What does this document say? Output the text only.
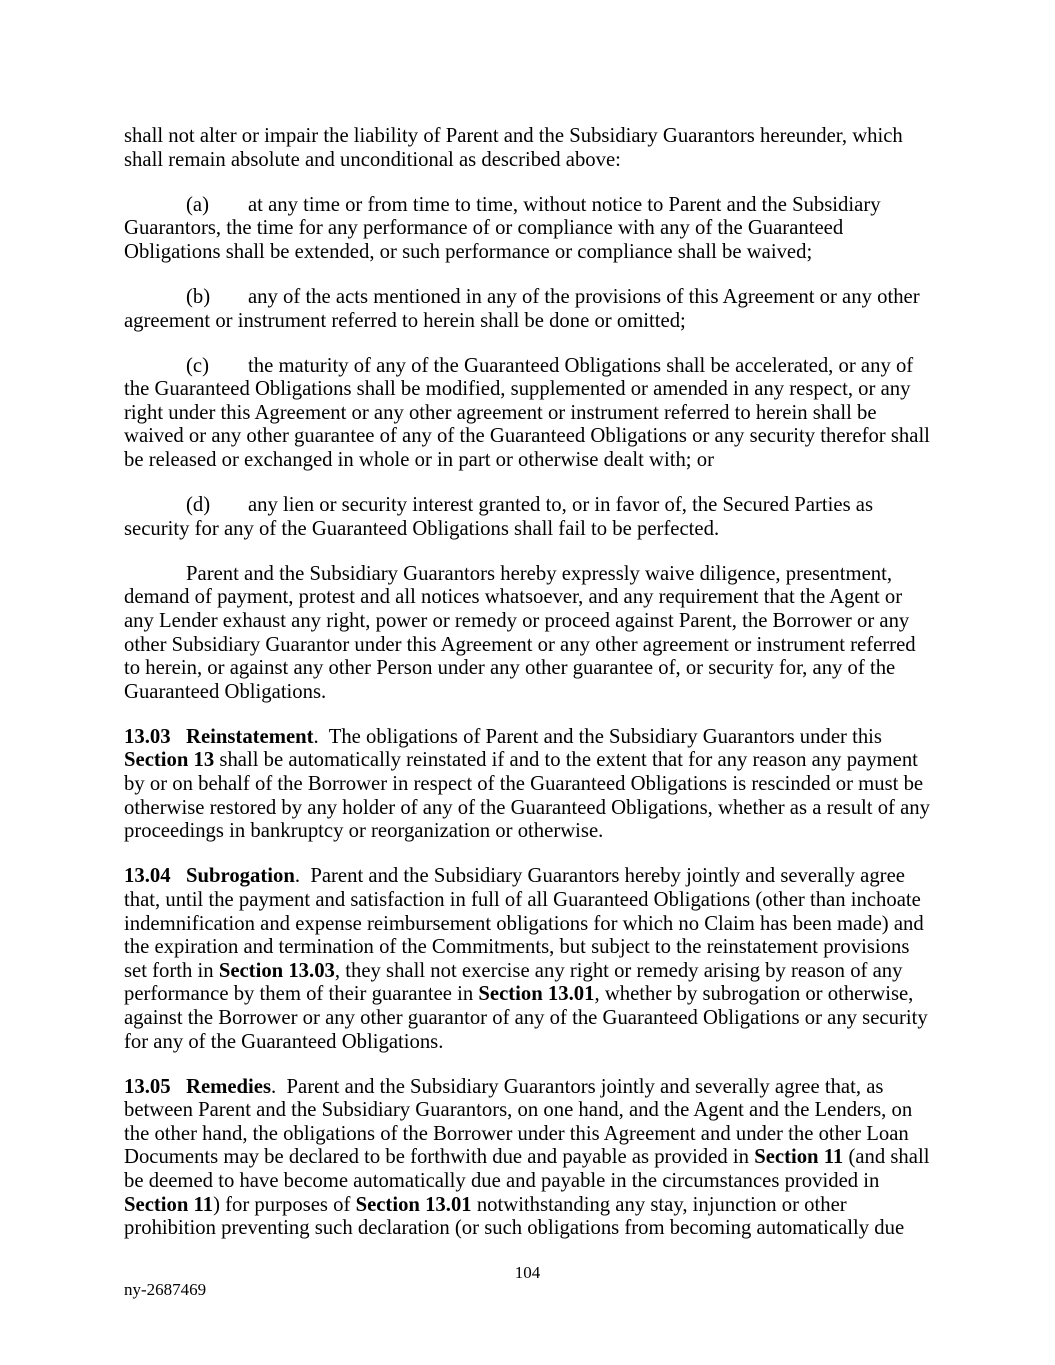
shall not alter or impair the liability of Parent and the Subsidiary Guarantors hereunder, which
shall remain absolute and unconditional as described above:
(a) at any time or from time to time, without notice to Parent and the Subsidiary
Guarantors, the time for any performance of or compliance with any of the Guaranteed
Obligations shall be extended, or such performance or compliance shall be waived;
(b) any of the acts mentioned in any of the provisions of this Agreement or any other
agreement or instrument referred to herein shall be done or omitted;
(c) the maturity of any of the Guaranteed Obligations shall be accelerated, or any of
the Guaranteed Obligations shall be modified, supplemented or amended in any respect, or any
right under this Agreement or any other agreement or instrument referred to herein shall be
waived or any other guarantee of any of the Guaranteed Obligations or any security therefor shall
be released or exchanged in whole or in part or otherwise dealt with; or
(d) any lien or security interest granted to, or in favor of, the Secured Parties as
security for any of the Guaranteed Obligations shall fail to be perfected.
Parent and the Subsidiary Guarantors hereby expressly waive diligence, presentment,
demand of payment, protest and all notices whatsoever, and any requirement that the Agent or
any Lender exhaust any right, power or remedy or proceed against Parent, the Borrower or any
other Subsidiary Guarantor under this Agreement or any other agreement or instrument referred
to herein, or against any other Person under any other guarantee of, or security for, any of the
Guaranteed Obligations.
13.03 Reinstatement.  The obligations of Parent and the Subsidiary Guarantors under this
Section 13 shall be automatically reinstated if and to the extent that for any reason any payment
by or on behalf of the Borrower in respect of the Guaranteed Obligations is rescinded or must be
otherwise restored by any holder of any of the Guaranteed Obligations, whether as a result of any
proceedings in bankruptcy or reorganization or otherwise.
13.04 Subrogation.  Parent and the Subsidiary Guarantors hereby jointly and severally agree
that, until the payment and satisfaction in full of all Guaranteed Obligations (other than inchoate
indemnification and expense reimbursement obligations for which no Claim has been made) and
the expiration and termination of the Commitments, but subject to the reinstatement provisions
set forth in Section 13.03, they shall not exercise any right or remedy arising by reason of any
performance by them of their guarantee in Section 13.01, whether by subrogation or otherwise,
against the Borrower or any other guarantor of any of the Guaranteed Obligations or any security
for any of the Guaranteed Obligations.
13.05 Remedies.  Parent and the Subsidiary Guarantors jointly and severally agree that, as
between Parent and the Subsidiary Guarantors, on one hand, and the Agent and the Lenders, on
the other hand, the obligations of the Borrower under this Agreement and under the other Loan
Documents may be declared to be forthwith due and payable as provided in Section 11 (and shall
be deemed to have become automatically due and payable in the circumstances provided in
Section 11) for purposes of Section 13.01 notwithstanding any stay, injunction or other
prohibition preventing such declaration (or such obligations from becoming automatically due
104
ny-2687469
